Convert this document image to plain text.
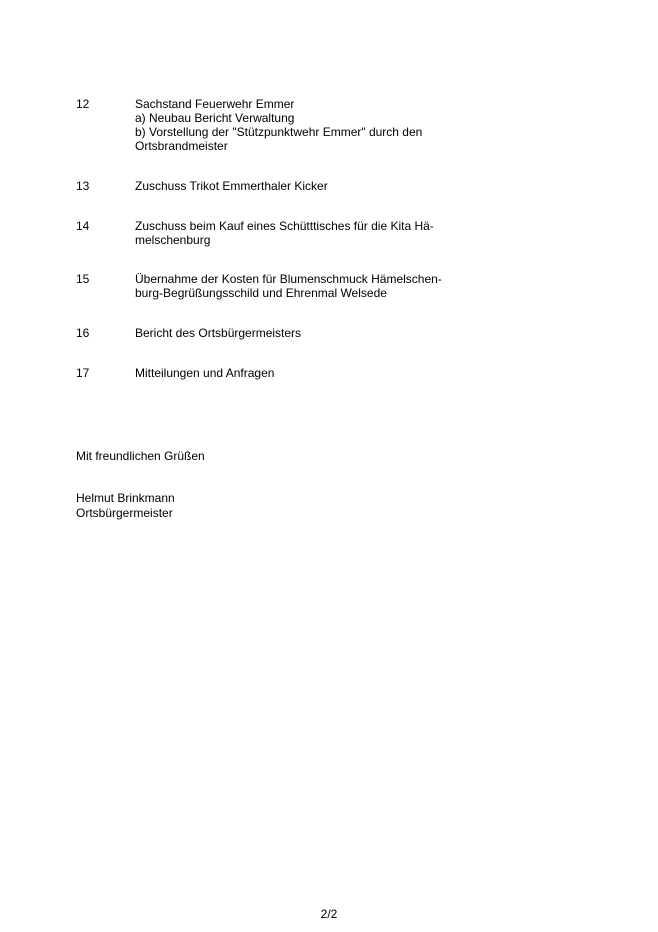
12	Sachstand Feuerwehr Emmer
a) Neubau Bericht Verwaltung
b) Vorstellung der "Stützpunktwehr Emmer" durch den
Ortsbrandmeister
13	Zuschuss Trikot Emmerthaler Kicker
14	Zuschuss beim Kauf eines Schütttisches für die Kita Hä-
melschenburg
15	Übernahme der Kosten für Blumenschmuck Hämelschen-
burg-Begrüßungsschild und Ehrenmal Welsede
16	Bericht des Ortsbürgermeisters
17	Mitteilungen und Anfragen
Mit freundlichen Grüßen
Helmut Brinkmann
Ortsbürgermeister
2/2
